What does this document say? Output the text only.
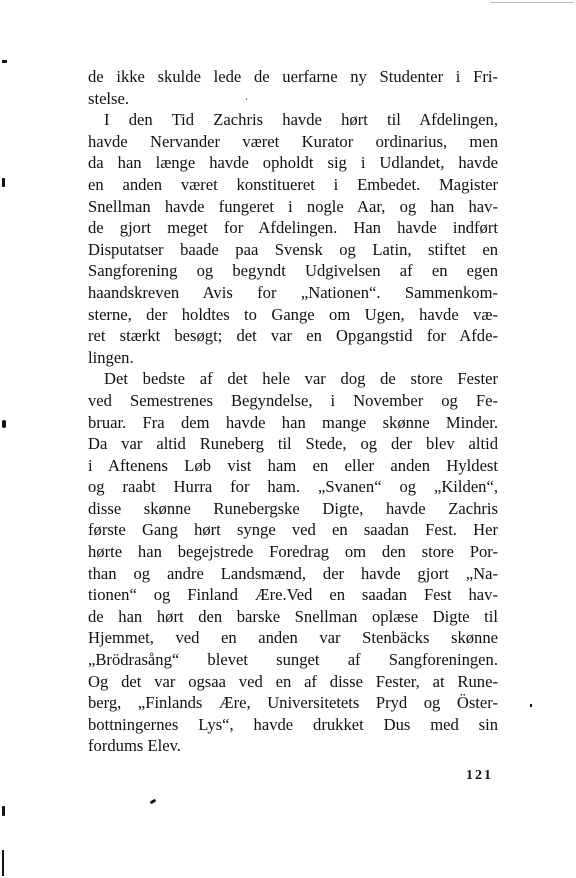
de ikke skulde lede de uerfarne ny Studenter i Fri-
stelse.
I den Tid Zachris havde hørt til Afdelingen,
havde Nervander været Kurator ordinarius, men
da han længe havde opholdt sig i Udlandet, havde
en anden været konstitueret i Embedet. Magister
Snellman havde fungeret i nogle Aar, og han hav-
de gjort meget for Afdelingen. Han havde indført
Disputatser baade paa Svensk og Latin, stiftet en
Sangforening og begyndt Udgivelsen af en egen
haandskreven Avis for „Nationen“. Sammenkom-
sterne, der holdtes to Gange om Ugen, havde væ-
ret stærkt besøgt; det var en Opgangstid for Afde-
lingen.
Det bedste af det hele var dog de store Fester
ved Semestrenes Begyndelse, i November og Fe-
bruar. Fra dem havde han mange skønne Minder.
Da var altid Runeberg til Stede, og der blev altid
i Aftenens Løb vist ham en eller anden Hyldest
og raabt Hurra for ham. „Svanen“ og „Kilden“,
disse skønne Runebergske Digte, havde Zachris
første Gang hørt synge ved en saadan Fest. Her
hørte han begejstrede Foredrag om den store Por-
than og andre Landsmænd, der havde gjort „Na-
tionen“ og Finland Ære.Ved en saadan Fest hav-
de han hørt den barske Snellman oplæse Digte til
Hjemmet, ved en anden var Stenbäcks skønne
„Brödrasång“ blevet sunget af Sangforeningen.
Og det var ogsaa ved en af disse Fester, at Rune-
berg, „Finlands Ære, Universitetets Pryd og Öster-
bottningernes Lys“, havde drukket Dus med sin
fordums Elev.
121
